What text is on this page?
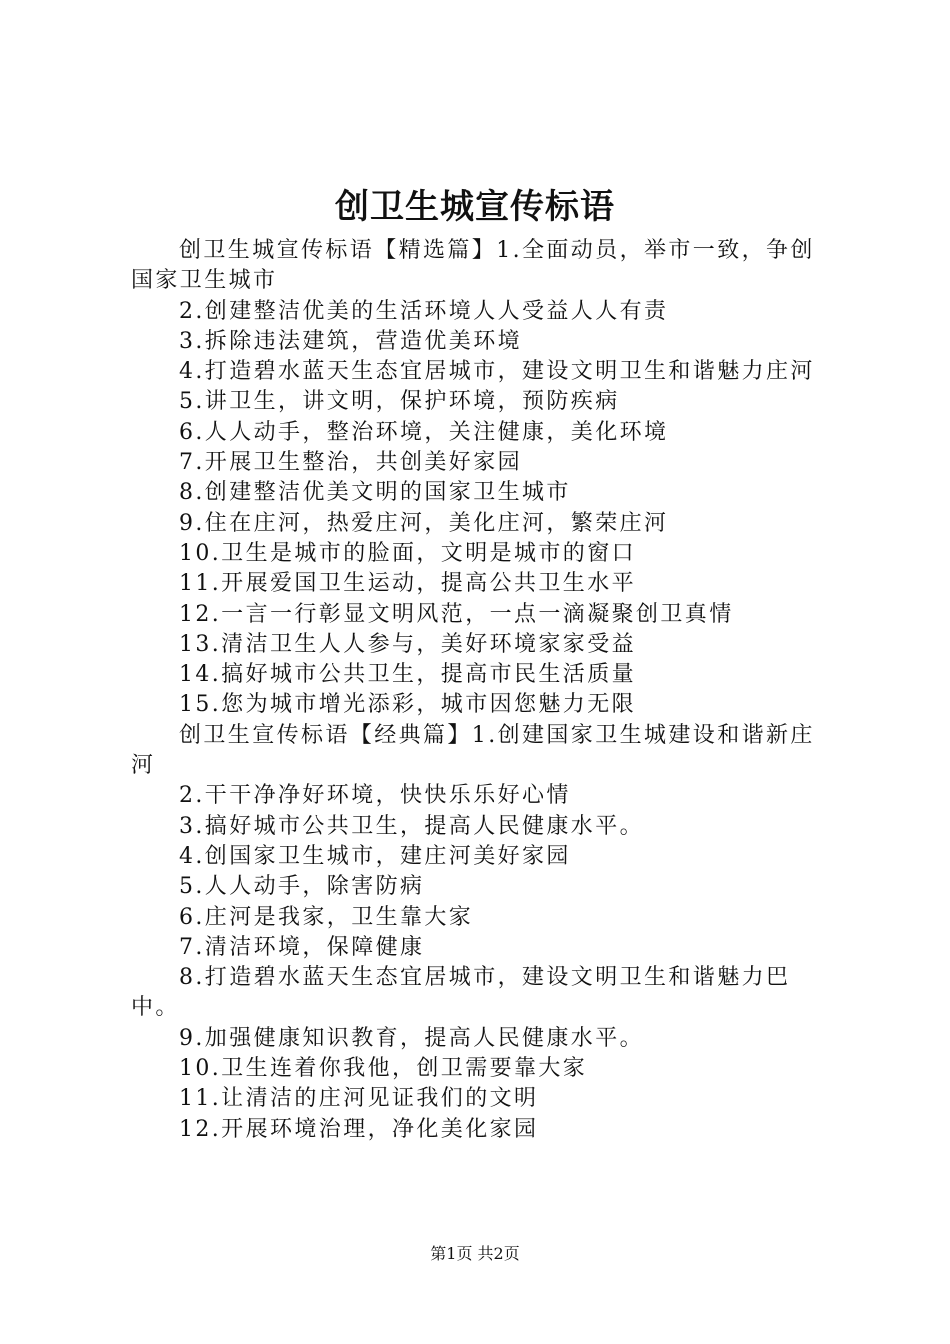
创卫生城宣传标语

创卫生城宣传标语【精选篇】1.全面动员，举市一致，争创国家卫生城市

2.创建整洁优美的生活环境人人受益人人有责

3.拆除违法建筑，营造优美环境

4.打造碧水蓝天生态宜居城市，建设文明卫生和谐魅力庄河

5.讲卫生，讲文明，保护环境，预防疾病

6.人人动手，整治环境，关注健康，美化环境

7.开展卫生整治，共创美好家园

8.创建整洁优美文明的国家卫生城市

9.住在庄河，热爱庄河，美化庄河，繁荣庄河

10.卫生是城市的脸面，文明是城市的窗口

11.开展爱国卫生运动，提高公共卫生水平

12.一言一行彰显文明风范，一点一滴凝聚创卫真情

13.清洁卫生人人参与，美好环境家家受益

14.搞好城市公共卫生，提高市民生活质量

15.您为城市增光添彩，城市因您魅力无限

创卫生宣传标语【经典篇】1.创建国家卫生城建设和谐新庄河

2.干干净净好环境，快快乐乐好心情

3.搞好城市公共卫生，提高人民健康水平。

4.创国家卫生城市，建庄河美好家园

5.人人动手，除害防病

6.庄河是我家，卫生靠大家

7.清洁环境，保障健康

8.打造碧水蓝天生态宜居城市，建设文明卫生和谐魅力巴中。

9.加强健康知识教育，提高人民健康水平。

10.卫生连着你我他，创卫需要靠大家

11.让清洁的庄河见证我们的文明

12.开展环境治理，净化美化家园

第1页 共2页
